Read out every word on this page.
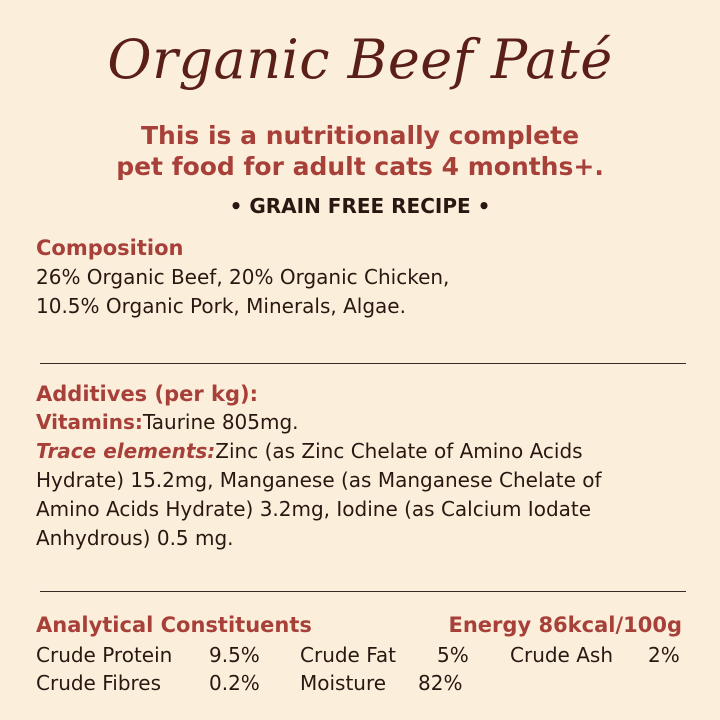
Organic Beef Paté
This is a nutritionally complete
pet food for adult cats 4 months+.
• GRAIN FREE RECIPE •
Composition
26% Organic Beef, 20% Organic Chicken,
10.5% Organic Pork, Minerals, Algae.
Additives (per kg):
Vitamins:Taurine 805mg.
Trace elements:Zinc (as Zinc Chelate of Amino Acids
Hydrate) 15.2mg, Manganese (as Manganese Chelate of
Amino Acids Hydrate) 3.2mg, Iodine (as Calcium Iodate
Anhydrous) 0.5 mg.
Analytical Constituents	Energy 86kcal/100g
Crude Protein 9.5% Crude Fat 5% Crude Ash 2%
Crude Fibres 0.2% Moisture 82%
